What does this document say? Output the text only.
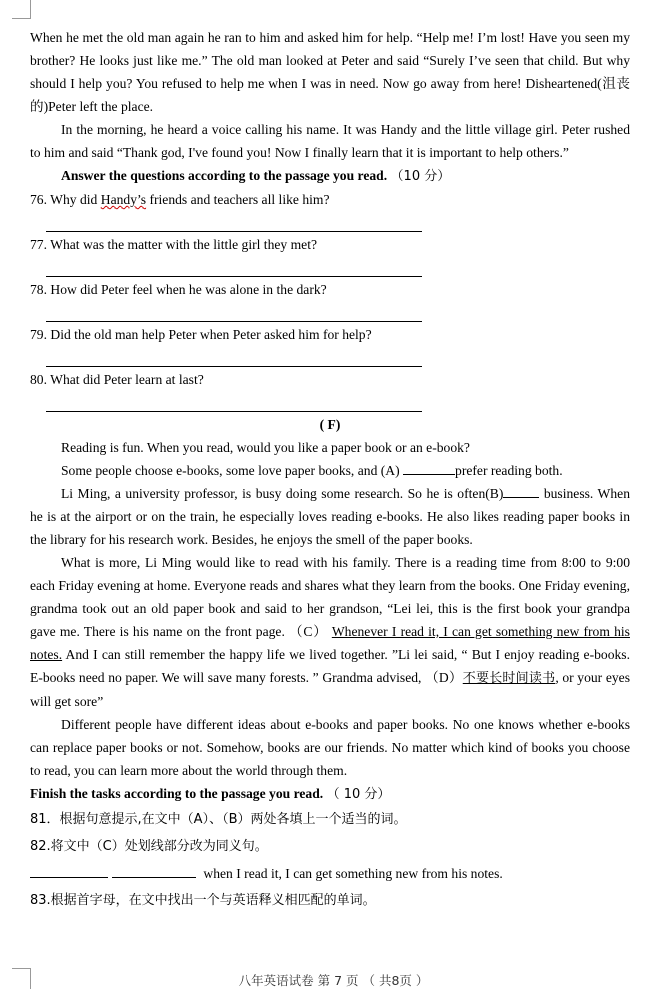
When he met the old man again he ran to him and asked him for help. “Help me! I’m lost! Have you seen my brother? He looks just like me.” The old man looked at Peter and said “Surely I’ve seen that child. But why should I help you? You refused to help me when I was in need. Now go away from here! Disheartened(沮丧的)Peter left the place.

In the morning, he heard a voice calling his name. It was Handy and the little village girl. Peter rushed to him and said “Thank god, I've found you! Now I finally learn that it is important to help others.”

Answer the questions according to the passage you read. （10 分）

76. Why did Handy’s friends and teachers all like him?

77. What was the matter with the little girl they met?

78. How did Peter feel when he was alone in the dark?

79. Did the old man help Peter when Peter asked him for help?

80. What did Peter learn at last?

( F)

Reading is fun. When you read, would you like a paper book or an e-book?

Some people choose e-books, some love paper books, and (A)	prefer reading both.

Li Ming, a university professor, is busy doing some research. So he is often(B)	business. When he is at the airport or on the train, he especially loves reading e-books. He also likes reading paper books in the library for his research work. Besides, he enjoys the smell of the paper books.

What is more, Li Ming would like to read with his family. There is a reading time from 8:00 to 9:00 each Friday evening at home. Everyone reads and shares what they learn from the books. One Friday evening, grandma took out an old paper book and said to her grandson, “Lei lei, this is the first book your grandpa gave me. There is his name on the front page. （C） Whenever I read it, I can get something new from his notes. And I can still remember the happy life we lived together. ”Li lei said, “ But I enjoy reading e-books. E-books need no paper. We will save many forests. ” Grandma advised, （D）不要长时间读书, or your eyes will get sore”

Different people have different ideas about e-books and paper books. No one knows whether e-books can replace paper books or not. Somehow, books are our friends. No matter which kind of books you choose to read, you can learn more about the world through them.

Finish the tasks according to the passage you read. （ 10 分）

81．根据句意提示,在文中（A）、（B）两处各填上一个适当的词。

82.将文中（C）处划线部分改为同义句。

when I read it, I can get something new from his notes.

83.根据首字母，在文中找出一个与英语释义相匹配的单词。

八年英语试卷 第 7 页 （ 共8页 ）
